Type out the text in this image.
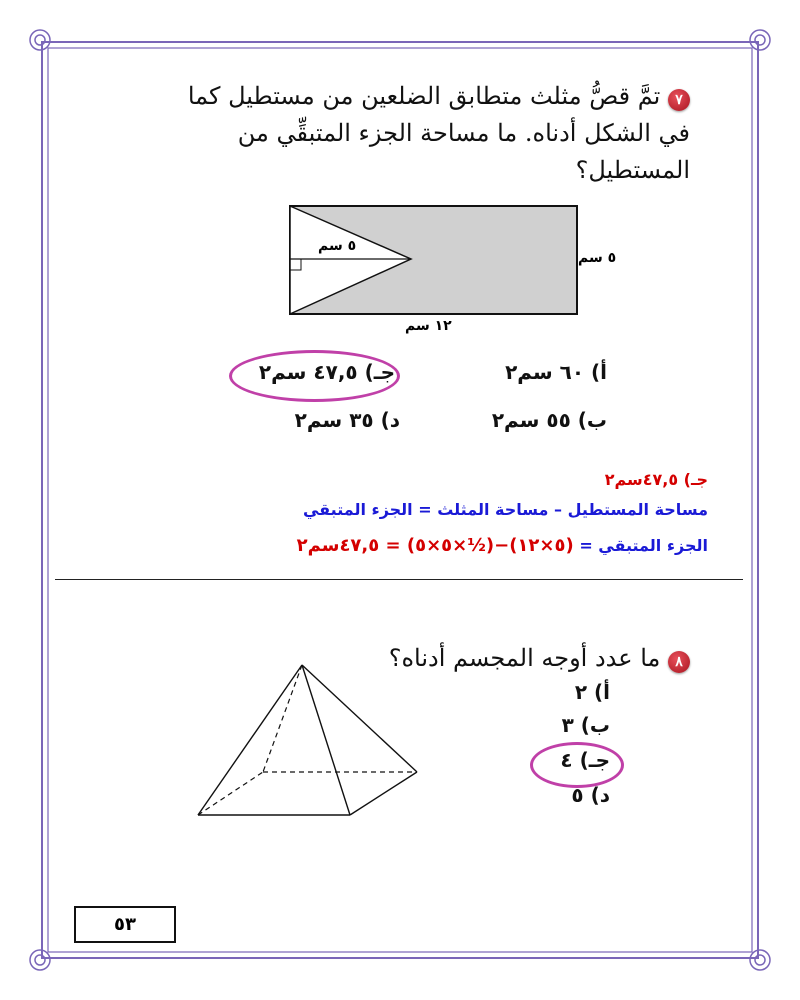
٧ تمَّ قصُّ مثلث متطابق الضلعين من مستطيل كما
في الشكل أدناه. ما مساحة الجزء المتبقِّي من
المستطيل؟
٥ سم
٥ سم
١٢ سم
أ) ٦٠ سم٢
ب) ٥٥ سم٢
جـ) ٤٧,٥ سم٢
د) ٣٥ سم٢
جـ) ٤٧,٥سم٢
مساحة المستطيل – مساحة المثلث = الجزء المتبقي
الجزء المتبقي = (٥×١٢)−(½×٥×٥) = ٤٧,٥سم٢
٨ ما عدد أوجه المجسم أدناه؟
أ) ٢
ب) ٣
جـ) ٤
د) ٥
٥٣
